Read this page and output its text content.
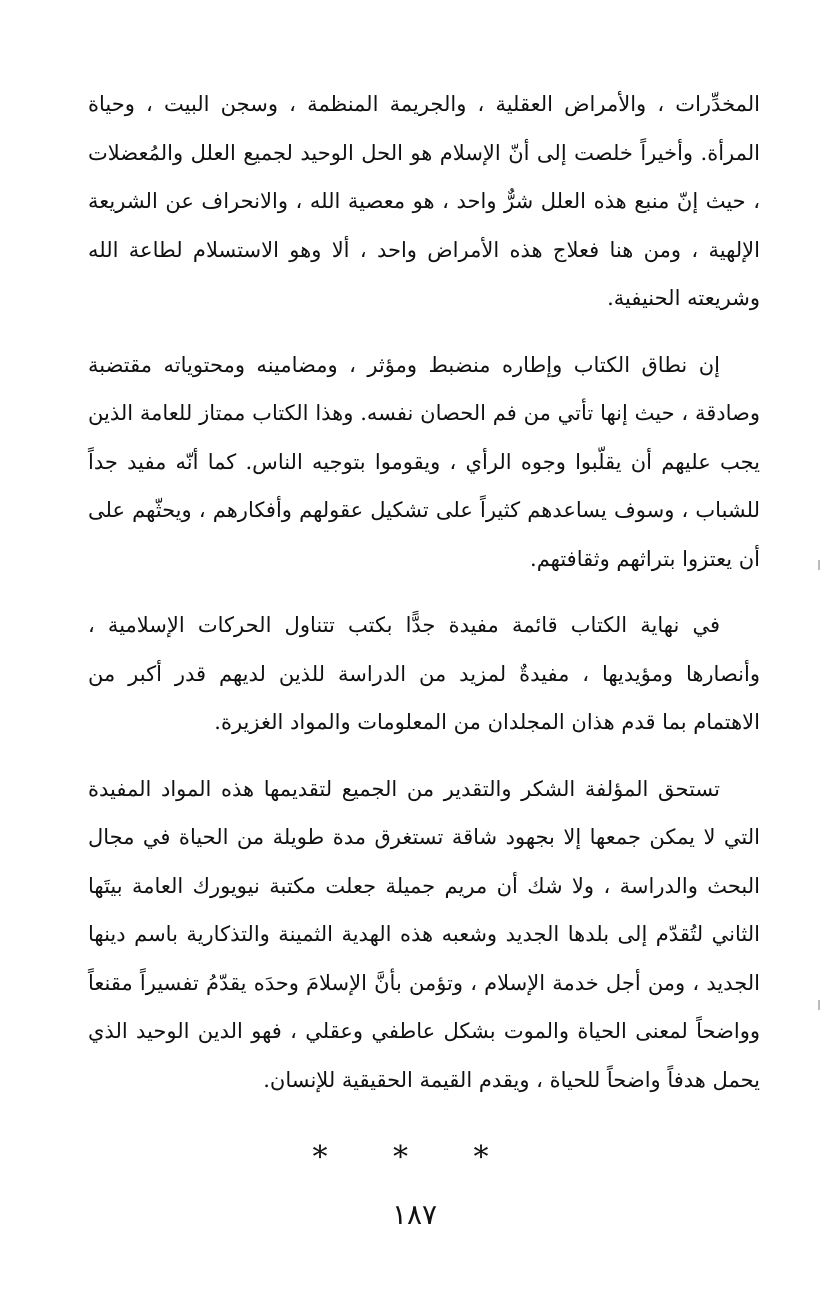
المخدِّرات ، والأمراض العقلية ، والجريمة المنظمة ، وسجن البيت ، وحياة المرأة. وأخيراً خلصت إلى أنّ الإسلام هو الحل الوحيد لجميع العلل والمُعضلات ، حيث إنّ منبع هذه العلل شرٌّ واحد ، هو معصية الله ، والانحراف عن الشريعة الإلهية ، ومن هنا فعلاج هذه الأمراض واحد ، ألا وهو الاستسلام لطاعة الله وشريعته الحنيفية.

إن نطاق الكتاب وإطاره منضبط ومؤثر ، ومضامينه ومحتوياته مقتضبة وصادقة ، حيث إنها تأتي من فم الحصان نفسه. وهذا الكتاب ممتاز للعامة الذين يجب عليهم أن يقلّبوا وجوه الرأي ، ويقوموا بتوجيه الناس. كما أنّه مفيد جداً للشباب ، وسوف يساعدهم كثيراً على تشكيل عقولهم وأفكارهم ، ويحثّهم على أن يعتزوا بتراثهم وثقافتهم.

في نهاية الكتاب قائمة مفيدة جدًّا بكتب تتناول الحركات الإسلامية ، وأنصارها ومؤيديها ، مفيدةٌ لمزيد من الدراسة للذين لديهم قدر أكبر من الاهتمام بما قدم هذان المجلدان من المعلومات والمواد الغزيرة.

تستحق المؤلفة الشكر والتقدير من الجميع لتقديمها هذه المواد المفيدة التي لا يمكن جمعها إلا بجهود شاقة تستغرق مدة طويلة من الحياة في مجال البحث والدراسة ، ولا شك أن مريم جميلة جعلت مكتبة نيويورك العامة بيتَها الثاني لتُقدّم إلى بلدها الجديد وشعبه هذه الهدية الثمينة والتذكارية باسم دينها الجديد ، ومن أجل خدمة الإسلام ، وتؤمن بأنَّ الإسلامَ وحدَه يقدّمُ تفسيراً مقنعاً وواضحاً لمعنى الحياة والموت بشكل عاطفي وعقلي ، فهو الدين الوحيد الذي يحمل هدفاً واضحاً للحياة ، ويقدم القيمة الحقيقية للإنسان.

* * *
١٨٧
